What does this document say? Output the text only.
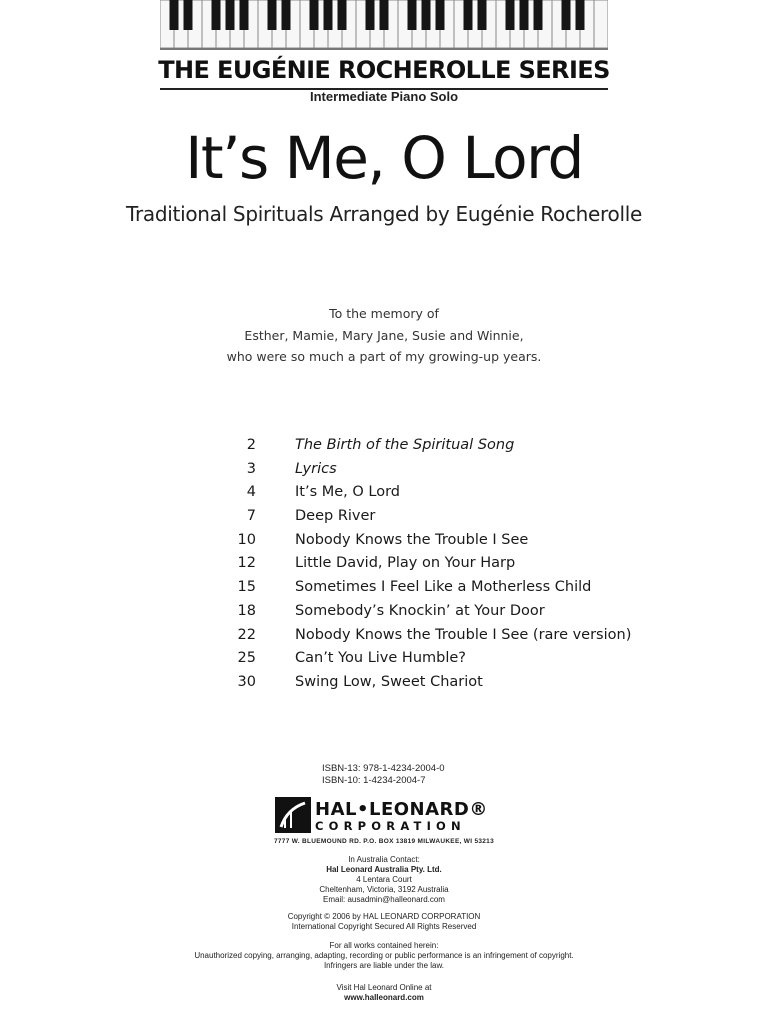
THE EUGÉNIE ROCHEROLLE SERIES
Intermediate Piano Solo
It’s Me, O Lord
Traditional Spirituals Arranged by Eugénie Rocherolle
To the memory of
Esther, Mamie, Mary Jane, Susie and Winnie,
who were so much a part of my growing-up years.
2	The Birth of the Spiritual Song
3	Lyrics
4	It’s Me, O Lord
7	Deep River
10	Nobody Knows the Trouble I See
12	Little David, Play on Your Harp
15	Sometimes I Feel Like a Motherless Child
18	Somebody’s Knockin’ at Your Door
22	Nobody Knows the Trouble I See (rare version)
25	Can’t You Live Humble?
30	Swing Low, Sweet Chariot
ISBN-13: 978-1-4234-2004-0
ISBN-10: 1-4234-2004-7
HAL•LEONARD®
CORPORATION
7777 W. BLUEMOUND RD. P.O. BOX 13819 MILWAUKEE, WI 53213
In Australia Contact:
Hal Leonard Australia Pty. Ltd.
4 Lentara Court
Cheltenham, Victoria, 3192 Australia
Email: ausadmin@halleonard.com
Copyright © 2006 by HAL LEONARD CORPORATION
International Copyright Secured All Rights Reserved
For all works contained herein:
Unauthorized copying, arranging, adapting, recording or public performance is an infringement of copyright.
Infringers are liable under the law.
Visit Hal Leonard Online at
www.halleonard.com
